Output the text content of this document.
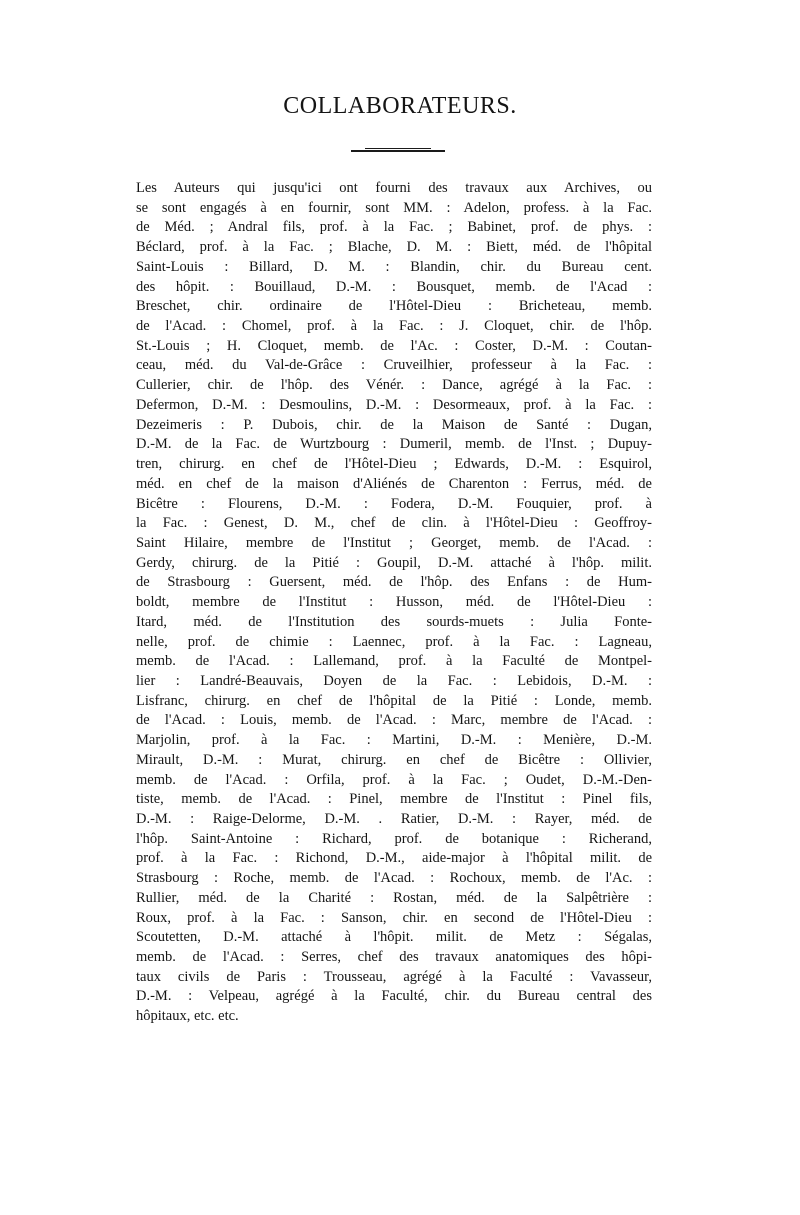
COLLABORATEURS.
Les Auteurs qui jusqu'ici ont fourni des travaux aux Archives, ou
se sont engagés à en fournir, sont MM. : Adelon, profess. à la Fac.
de Méd. ; Andral fils, prof. à la Fac. ; Babinet, prof. de phys. :
Béclard, prof. à la Fac. ; Blache, D. M. : Biett, méd. de l'hôpital
Saint-Louis : Billard, D. M. : Blandin, chir. du Bureau cent.
des hôpit. : Bouillaud, D.-M. : Bousquet, memb. de l'Acad :
Breschet, chir. ordinaire de l'Hôtel-Dieu : Bricheteau, memb.
de l'Acad. : Chomel, prof. à la Fac. : J. Cloquet, chir. de l'hôp.
St.-Louis ; H. Cloquet, memb. de l'Ac. : Coster, D.-M. : Coutan-
ceau, méd. du Val-de-Grâce : Cruveilhier, professeur à la Fac. :
Cullerier, chir. de l'hôp. des Vénér. : Dance, agrégé à la Fac. :
Defermon, D.-M. : Desmoulins, D.-M. : Desormeaux, prof. à la Fac. :
Dezeimeris : P. Dubois, chir. de la Maison de Santé : Dugan,
D.-M. de la Fac. de Wurtzbourg : Dumeril, memb. de l'Inst. ; Dupuy-
tren, chirurg. en chef de l'Hôtel-Dieu ; Edwards, D.-M. : Esquirol,
méd. en chef de la maison d'Aliénés de Charenton : Ferrus, méd. de
Bicêtre : Flourens, D.-M. : Fodera, D.-M. Fouquier, prof. à
la Fac. : Genest, D. M., chef de clin. à l'Hôtel-Dieu : Geoffroy-
Saint Hilaire, membre de l'Institut ; Georget, memb. de l'Acad. :
Gerdy, chirurg. de la Pitié : Goupil, D.-M. attaché à l'hôp. milit.
de Strasbourg : Guersent, méd. de l'hôp. des Enfans : de Hum-
boldt, membre de l'Institut : Husson, méd. de l'Hôtel-Dieu :
Itard, méd. de l'Institution des sourds-muets : Julia Fonte-
nelle, prof. de chimie : Laennec, prof. à la Fac. : Lagneau,
memb. de l'Acad. : Lallemand, prof. à la Faculté de Montpel-
lier : Landré-Beauvais, Doyen de la Fac. : Lebidois, D.-M. :
Lisfranc, chirurg. en chef de l'hôpital de la Pitié : Londe, memb.
de l'Acad. : Louis, memb. de l'Acad. : Marc, membre de l'Acad. :
Marjolin, prof. à la Fac. : Martini, D.-M. : Menière, D.-M.
Mirault, D.-M. : Murat, chirurg. en chef de Bicêtre : Ollivier,
memb. de l'Acad. : Orfila, prof. à la Fac. ; Oudet, D.-M.-Den-
tiste, memb. de l'Acad. : Pinel, membre de l'Institut : Pinel fils,
D.-M. : Raige-Delorme, D.-M. . Ratier, D.-M. : Rayer, méd. de
l'hôp. Saint-Antoine : Richard, prof. de botanique : Richerand,
prof. à la Fac. : Richond, D.-M., aide-major à l'hôpital milit. de
Strasbourg : Roche, memb. de l'Acad. : Rochoux, memb. de l'Ac. :
Rullier, méd. de la Charité : Rostan, méd. de la Salpêtrière :
Roux, prof. à la Fac. : Sanson, chir. en second de l'Hôtel-Dieu :
Scoutetten, D.-M. attaché à l'hôpit. milit. de Metz : Ségalas,
memb. de l'Acad. : Serres, chef des travaux anatomiques des hôpi-
taux civils de Paris : Trousseau, agrégé à la Faculté : Vavasseur,
D.-M. : Velpeau, agrégé à la Faculté, chir. du Bureau central des
hôpitaux, etc. etc.
